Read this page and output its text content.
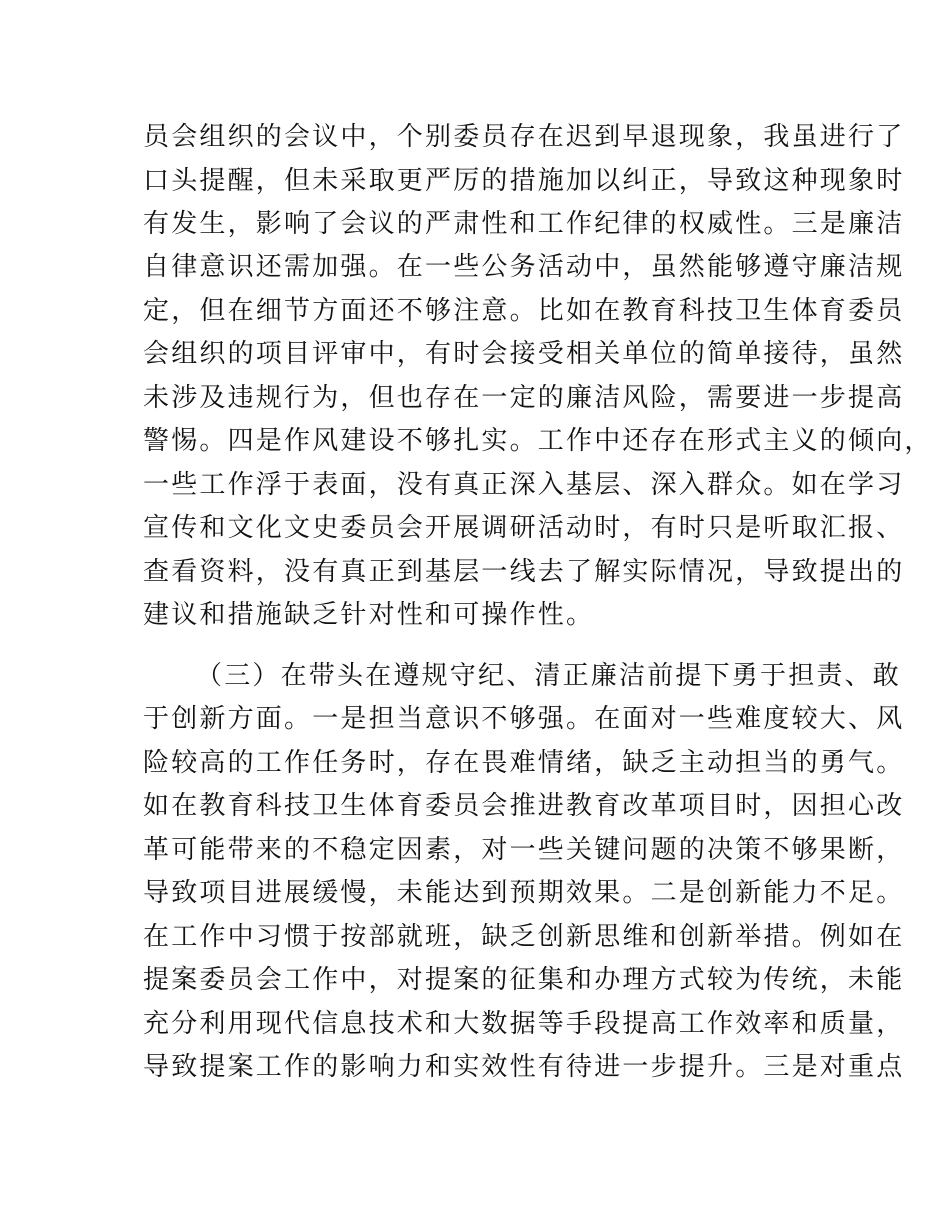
员会组织的会议中，个别委员存在迟到早退现象，我虽进行了
口头提醒，但未采取更严厉的措施加以纠正，导致这种现象时
有发生，影响了会议的严肃性和工作纪律的权威性。三是廉洁
自律意识还需加强。在一些公务活动中，虽然能够遵守廉洁规
定，但在细节方面还不够注意。比如在教育科技卫生体育委员
会组织的项目评审中，有时会接受相关单位的简单接待，虽然
未涉及违规行为，但也存在一定的廉洁风险，需要进一步提高
警惕。四是作风建设不够扎实。工作中还存在形式主义的倾向，
一些工作浮于表面，没有真正深入基层、深入群众。如在学习
宣传和文化文史委员会开展调研活动时，有时只是听取汇报、
查看资料，没有真正到基层一线去了解实际情况，导致提出的
建议和措施缺乏针对性和可操作性。
（三）在带头在遵规守纪、清正廉洁前提下勇于担责、敢
于创新方面。一是担当意识不够强。在面对一些难度较大、风
险较高的工作任务时，存在畏难情绪，缺乏主动担当的勇气。
如在教育科技卫生体育委员会推进教育改革项目时，因担心改
革可能带来的不稳定因素，对一些关键问题的决策不够果断，
导致项目进展缓慢，未能达到预期效果。二是创新能力不足。
在工作中习惯于按部就班，缺乏创新思维和创新举措。例如在
提案委员会工作中，对提案的征集和办理方式较为传统，未能
充分利用现代信息技术和大数据等手段提高工作效率和质量，
导致提案工作的影响力和实效性有待进一步提升。三是对重点
